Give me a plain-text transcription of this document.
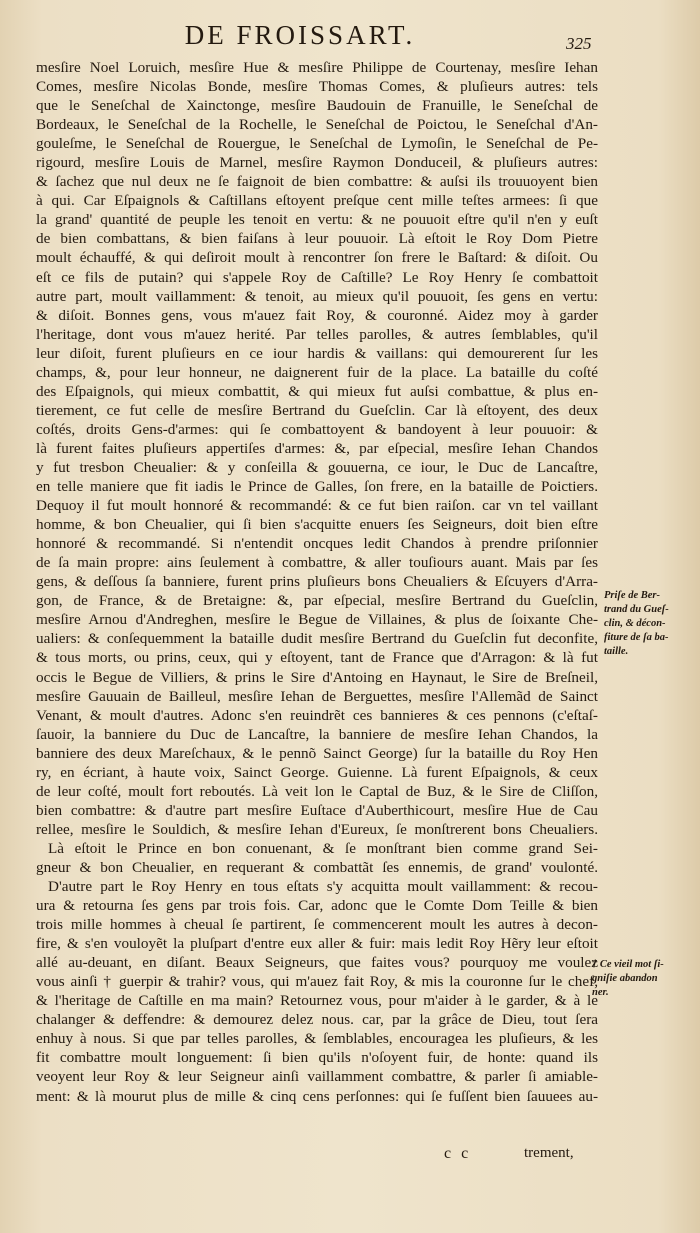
DE FROISSART.	325
mesſire Noel Loruich, mesſire Hue & mesſire Philippe de Courtenay, mesſire Iehan
Comes, mesſire Nicolas Bonde, mesſire Thomas Comes, & pluſieurs autres: tels
que le Seneſchal de Xainctonge, mesſire Baudouin de Franuille, le Seneſchal de
Bordeaux, le Seneſchal de la Rochelle, le Seneſchal de Poictou, le Seneſchal d'An-
gouleſme, le Seneſchal de Rouergue, le Seneſchal de Lymoſin, le Seneſchal de Pe-
rigourd, mesſire Louis de Marnel, mesſire Raymon Donduceil, & pluſieurs autres:
& ſachez que nul deux ne ſe faignoit de bien combattre: & auſsi ils trouuoyent bien
à qui. Car Eſpaignols & Caſtillans eſtoyent preſque cent mille teſtes armees: ſi que
la grand' quantité de peuple les tenoit en vertu: & ne pouuoit eſtre qu'il n'en y euſt
de bien combattans, & bien faiſans à leur pouuoir. Là eſtoit le Roy Dom Pietre
moult échauffé, & qui deſiroit moult à rencontrer ſon frere le Baſtard: & diſoit. Ou
eſt ce fils de putain? qui s'appele Roy de Caſtille? Le Roy Henry ſe combattoit
autre part, moult vaillamment: & tenoit, au mieux qu'il pouuoit, ſes gens en vertu:
& diſoit. Bonnes gens, vous m'auez fait Roy, & couronné. Aidez moy à garder
l'heritage, dont vous m'auez herité. Par telles parolles, & autres ſemblables, qu'il
leur diſoit, furent pluſieurs en ce iour hardis & vaillans: qui demourerent ſur les
champs, &, pour leur honneur, ne daignerent fuir de la place. La bataille du coſté
des Eſpaignols, qui mieux combattit, & qui mieux fut auſsi combattue, & plus en-
tierement, ce fut celle de mesſire Bertrand du Gueſclin. Car là eſtoyent, des deux
coſtés, droits Gens-d'armes: qui ſe combattoyent & bandoyent à leur pouuoir: &
là furent faites pluſieurs appertiſes d'armes: &, par eſpecial, mesſire Iehan Chandos
y fut tresbon Cheualier: & y conſeilla & gouuerna, ce iour, le Duc de Lancaſtre,
en telle maniere que fit iadis le Prince de Galles, ſon frere, en la bataille de Poictiers.
Dequoy il fut moult honnoré & recommandé: & ce fut bien raiſon. car vn tel vaillant
homme, & bon Cheualier, qui ſi bien s'acquitte enuers ſes Seigneurs, doit bien eſtre
honnoré & recommandé. Si n'entendit oncques ledit Chandos à prendre priſonnier
de ſa main propre: ains ſeulement à combattre, & aller touſiours auant. Mais par ſes
gens, & deſſous ſa banniere, furent prins pluſieurs bons Cheualiers & Eſcuyers d'Arra-
gon, de France, & de Bretaigne: &, par eſpecial, mesſire Bertrand du Gueſclin,
mesſire Arnou d'Andreghen, mesſire le Begue de Villaines, & plus de ſoixante Che-
ualiers: & conſequemment la bataille dudit mesſire Bertrand du Gueſclin fut deconfite,
& tous morts, ou prins, ceux, qui y eſtoyent, tant de France que d'Arragon: & là fut
occis le Begue de Villiers, & prins le Sire d'Antoing en Haynaut, le Sire de Breſneil,
mesſire Gauuain de Bailleul, mesſire Iehan de Berguettes, mesſire l'Allemãd de Sainct
Venant, & moult d'autres. Adonc s'en reuindrẽt ces bannieres & ces pennons (c'eſtaſ-
ſauoir, la banniere du Duc de Lancaſtre, la banniere de mesſire Iehan Chandos, la
banniere des deux Mareſchaux, & le pennõ Sainct George) ſur la bataille du Roy Hen
ry, en écriant, à haute voix, Sainct George. Guienne. Là furent Eſpaignols, & ceux
de leur coſté, moult fort reboutés. Là veit lon le Captal de Buz, & le Sire de Cliſſon,
bien combattre: & d'autre part mesſire Euſtace d'Auberthicourt, mesſire Hue de Cau
rellee, mesſire le Souldich, & mesſire Iehan d'Eureux, ſe monſtrerent bons Cheualiers.
Là eſtoit le Prince en bon conuenant, & ſe monſtrant bien comme grand Sei-
gneur & bon Cheualier, en requerant & combattãt ſes ennemis, de grand' voulonté.
D'autre part le Roy Henry en tous eſtats s'y acquitta moult vaillamment: & recou-
ura & retourna ſes gens par trois fois. Car, adonc que le Comte Dom Teille & bien
trois mille hommes à cheual ſe partirent, ſe commencerent moult les autres à decon-
fire, & s'en vouloyẽt la pluſpart d'entre eux aller & fuir: mais ledit Roy Hẽry leur eſtoit
allé au-deuant, en diſant. Beaux Seigneurs, que faites vous? pourquoy me voulez
vous ainſi † guerpir & trahir? vous, qui m'auez fait Roy, & mis la couronne ſur le chef,
& l'heritage de Caſtille en ma main? Retournez vous, pour m'aider à le garder, & à le
chalanger & deffendre: & demourez delez nous. car, par la grâce de Dieu, tout ſera
enhuy à nous. Si que par telles parolles, & ſemblables, encouragea les pluſieurs, & les
fit combattre moult longuement: ſi bien qu'ils n'oſoyent fuir, de honte: quand ils
veoyent leur Roy & leur Seigneur ainſi vaillamment combattre, & parler ſi amiable-
ment: & là mourut plus de mille & cinq cens perſonnes: qui ſe fuſſent bien ſauuees au-
Priſe de Ber-
trand du Gueſ-
clin, & décon-
fiture de ſa ba-
taille.
† Ce vieil mot ſi-
gniſie abandon
ner.
c c	trement,
